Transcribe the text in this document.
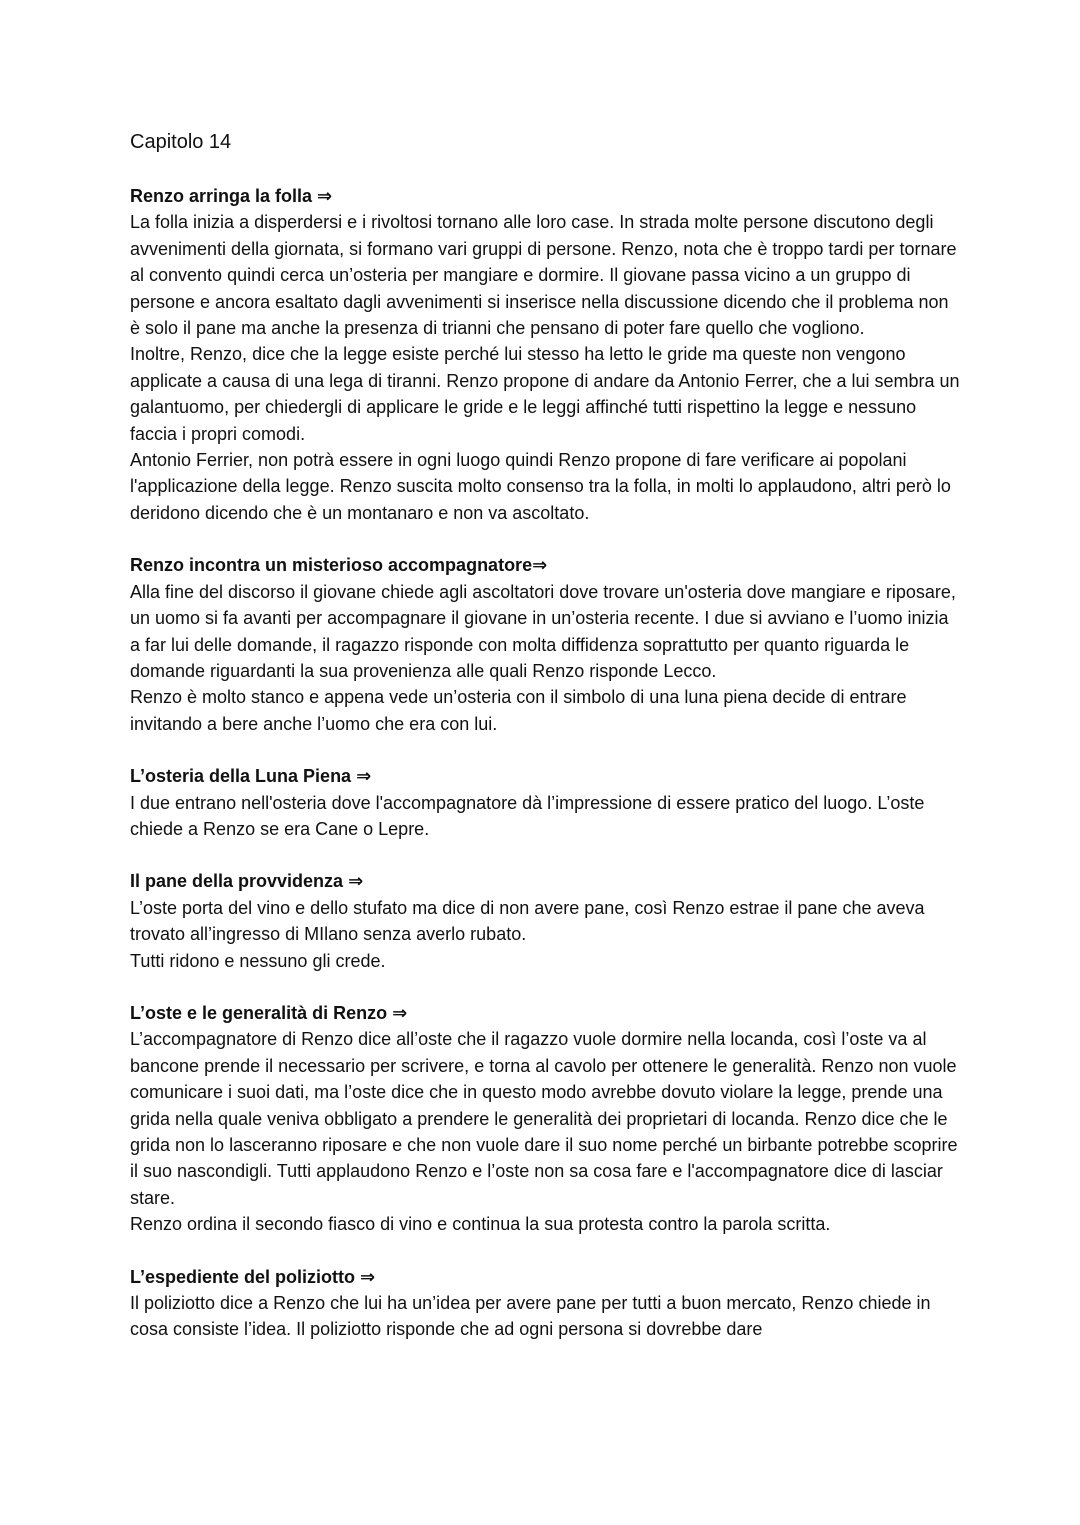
Capitolo 14
Renzo arringa la folla ⇒
La folla inizia a disperdersi e i rivoltosi tornano alle loro case. In strada molte persone discutono degli avvenimenti della giornata, si formano vari gruppi di persone. Renzo, nota che è troppo tardi per tornare al convento quindi cerca un’osteria per mangiare e dormire. Il giovane passa vicino a un gruppo di persone e ancora esaltato dagli avvenimenti si inserisce nella discussione dicendo che il problema non è solo il pane ma anche la presenza di trianni che pensano di poter fare quello che vogliono.
Inoltre, Renzo, dice che la legge esiste perché lui stesso ha letto le gride ma queste non vengono applicate a causa di una lega di tiranni. Renzo propone di andare da Antonio Ferrer, che a lui sembra un galantuomo, per chiedergli di applicare le gride e le leggi affinché tutti rispettino la legge e nessuno faccia i propri comodi.
Antonio Ferrier, non potrà essere in ogni luogo quindi Renzo propone di fare verificare ai popolani l'applicazione della legge. Renzo suscita molto consenso tra la folla, in molti lo applaudono, altri però lo deridono dicendo che è un montanaro e non va ascoltato.
Renzo incontra un misterioso accompagnatore⇒
Alla fine del discorso il giovane chiede agli ascoltatori dove trovare un'osteria dove mangiare e riposare, un uomo si fa avanti per accompagnare il giovane in un’osteria recente. I due si avviano e l’uomo inizia a far lui delle domande, il ragazzo risponde con molta diffidenza soprattutto per quanto riguarda le domande riguardanti la sua provenienza alle quali Renzo risponde Lecco.
Renzo è molto stanco e appena vede un’osteria con il simbolo di una luna piena decide di entrare invitando a bere anche l’uomo che era con lui.
L’osteria della Luna Piena ⇒
I due entrano nell'osteria dove l'accompagnatore dà l’impressione di essere pratico del luogo. L’oste chiede a Renzo se era Cane o Lepre.
Il pane della provvidenza ⇒
L’oste porta del vino e dello stufato ma dice di non avere pane, così Renzo estrae il pane che aveva trovato all’ingresso di MIlano senza averlo rubato.
Tutti ridono e nessuno gli crede.
L’oste e le generalità di Renzo ⇒
L’accompagnatore di Renzo dice all’oste che il ragazzo vuole dormire nella locanda, così l’oste va al bancone prende il necessario per scrivere, e torna al cavolo per ottenere le generalità. Renzo non vuole comunicare i suoi dati, ma l’oste dice che in questo modo avrebbe dovuto violare la legge, prende una grida nella quale veniva obbligato a prendere le generalità dei proprietari di locanda. Renzo dice che le grida non lo lasceranno riposare e che non vuole dare il suo nome perché un birbante potrebbe scoprire il suo nascondigli. Tutti applaudono Renzo e l’oste non sa cosa fare e l'accompagnatore dice di lasciar stare.
Renzo ordina il secondo fiasco di vino e continua la sua protesta contro la parola scritta.
L’espediente del poliziotto ⇒
Il poliziotto dice a Renzo che lui ha un’idea per avere pane per tutti a buon mercato, Renzo chiede in cosa consiste l’idea. Il poliziotto risponde che ad ogni persona si dovrebbe dare
